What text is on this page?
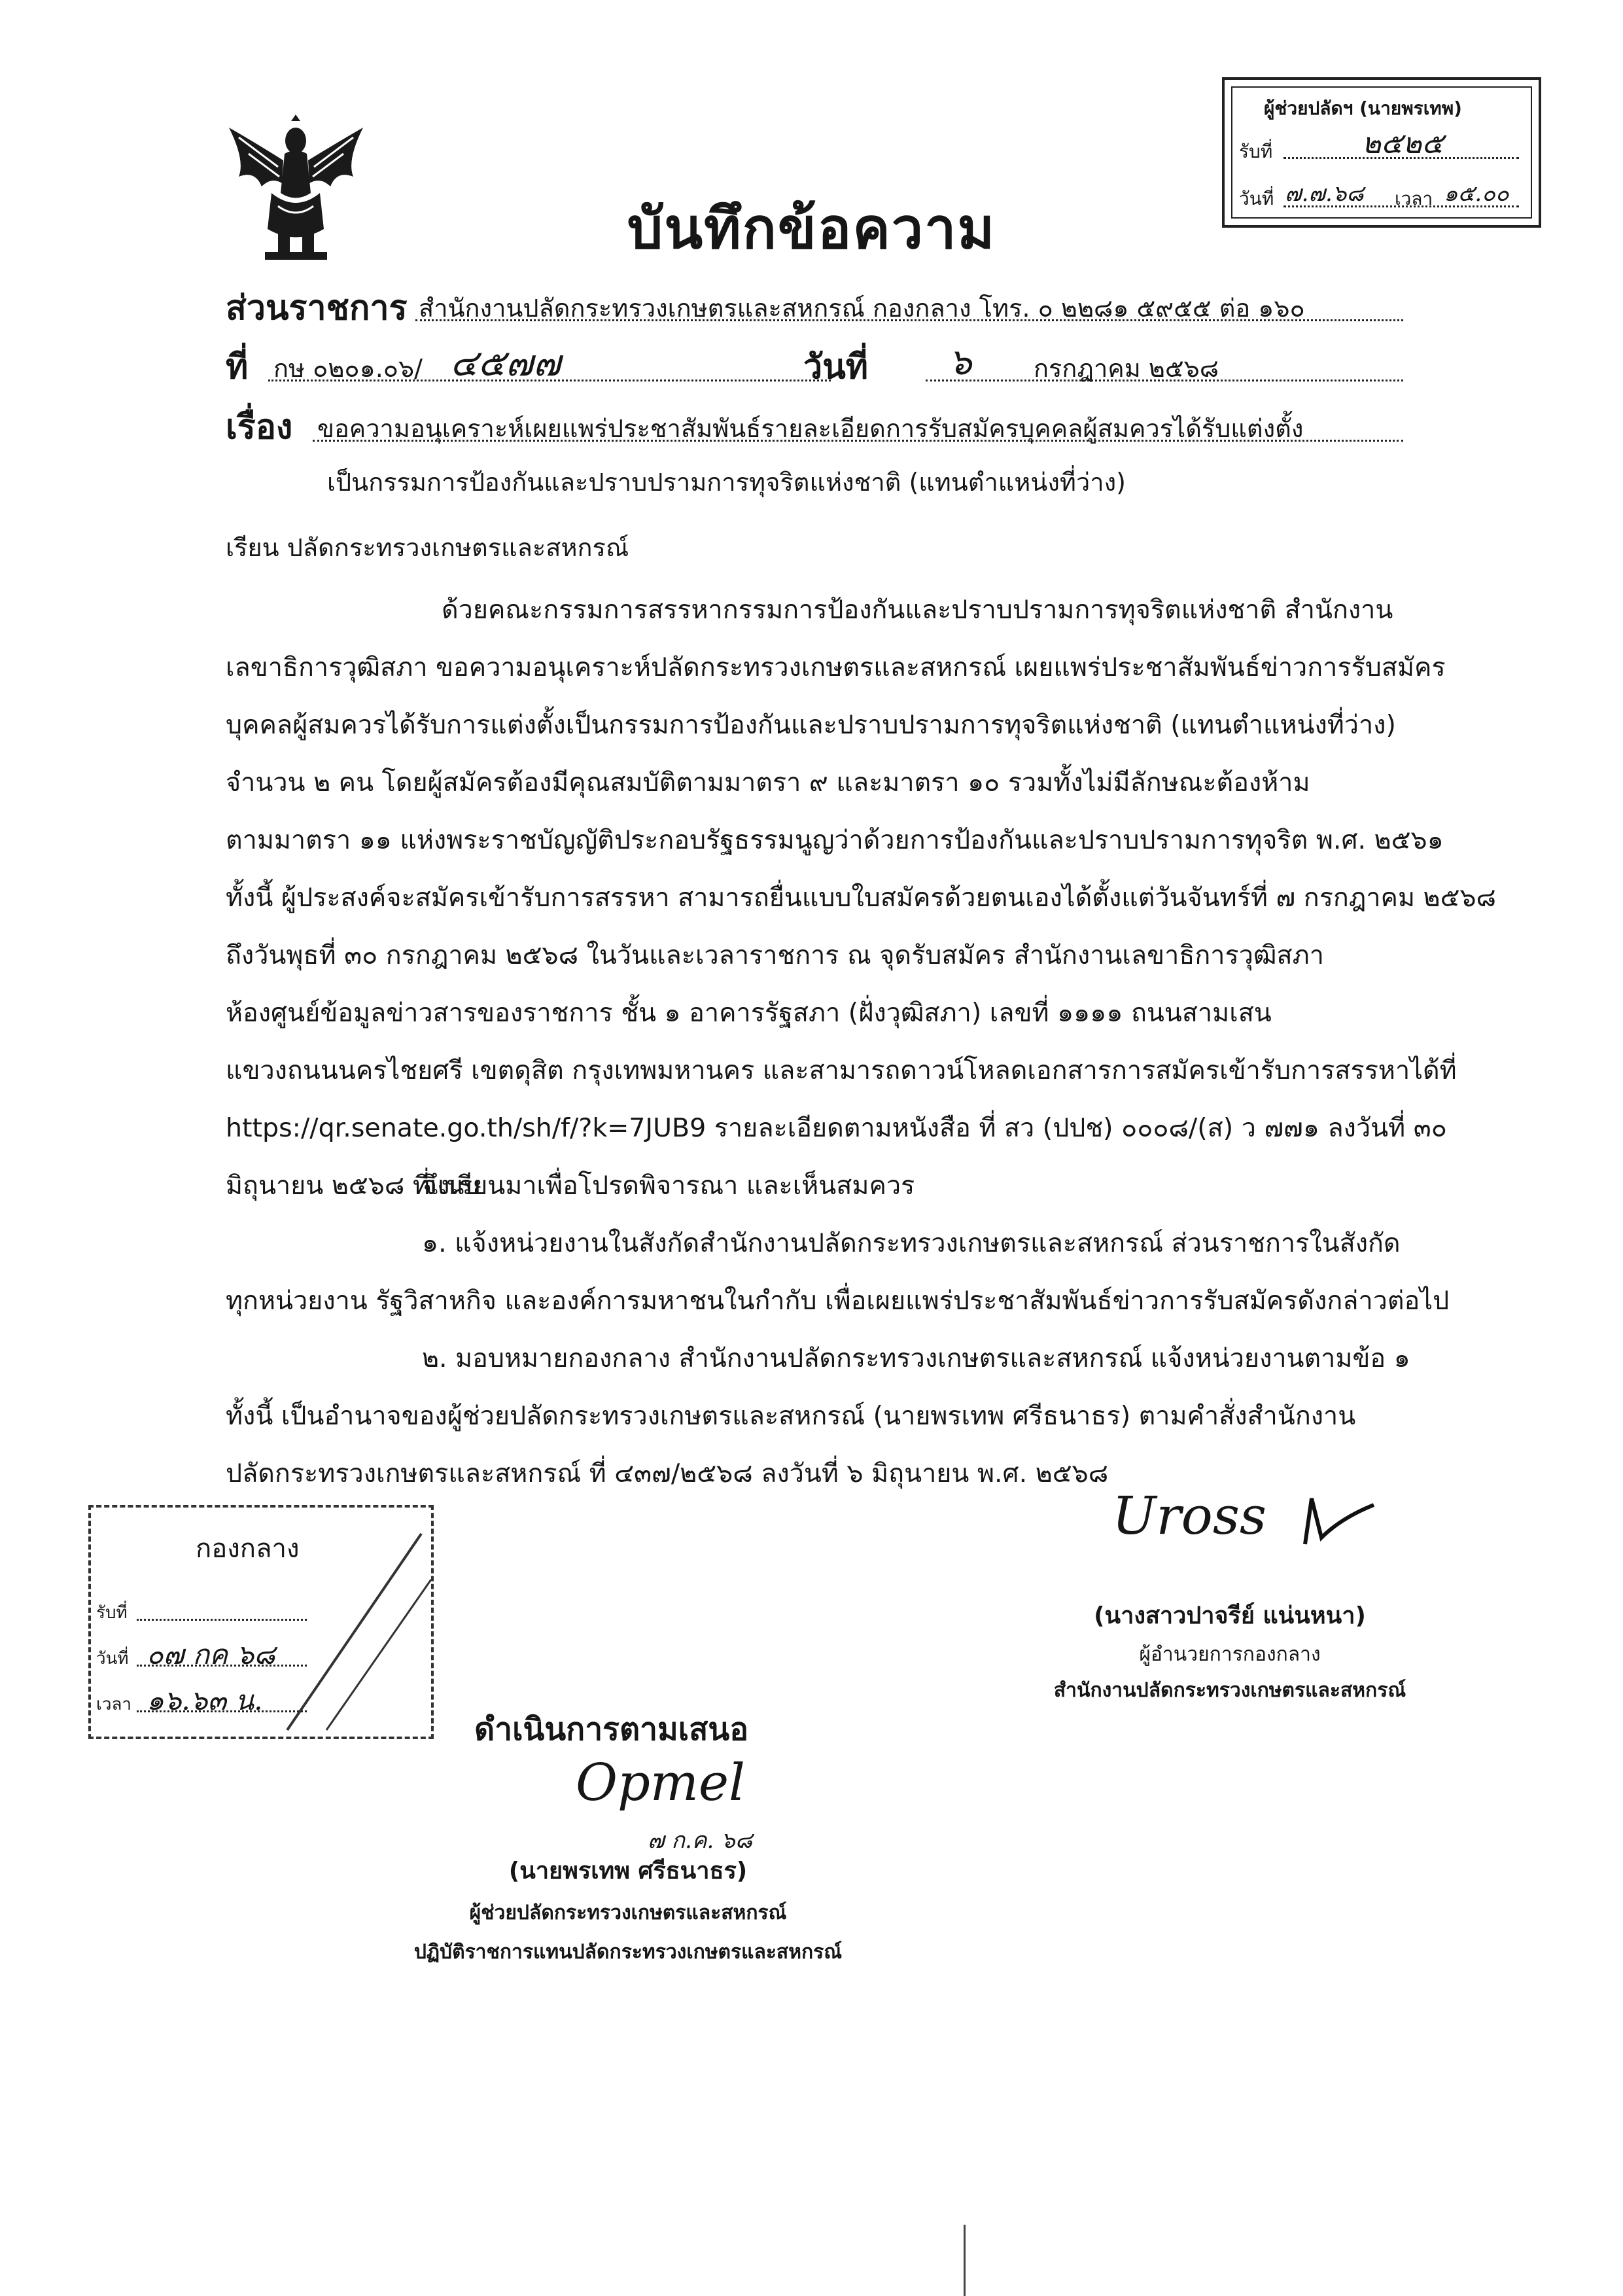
ผู้ช่วยปลัดฯ (นายพรเทพ)
รับที่	๒๕๒๕
วันที่ ๗.๗.๖๘ เวลา ๑๕.๐๐
บันทึกข้อความ
ส่วนราชการ สำนักงานปลัดกระทรวงเกษตรและสหกรณ์ กองกลาง โทร. ๐ ๒๒๘๑ ๕๙๕๕ ต่อ ๑๖๐
ที่ กษ ๐๒๐๑.๐๖/ ๔๕๗๗	วันที่ ๖ กรกฎาคม ๒๕๖๘
เรื่อง ขอความอนุเคราะห์เผยแพร่ประชาสัมพันธ์รายละเอียดการรับสมัครบุคคลผู้สมควรได้รับแต่งตั้ง
เป็นกรรมการป้องกันและปราบปรามการทุจริตแห่งชาติ (แทนตำแหน่งที่ว่าง)
เรียน ปลัดกระทรวงเกษตรและสหกรณ์
ด้วยคณะกรรมการสรรหากรรมการป้องกันและปราบปรามการทุจริตแห่งชาติ สำนักงาน
เลขาธิการวุฒิสภา ขอความอนุเคราะห์ปลัดกระทรวงเกษตรและสหกรณ์ เผยแพร่ประชาสัมพันธ์ข่าวการรับสมัคร
บุคคลผู้สมควรได้รับการแต่งตั้งเป็นกรรมการป้องกันและปราบปรามการทุจริตแห่งชาติ (แทนตำแหน่งที่ว่าง)
จำนวน ๒ คน โดยผู้สมัครต้องมีคุณสมบัติตามมาตรา ๙ และมาตรา ๑๐ รวมทั้งไม่มีลักษณะต้องห้าม
ตามมาตรา ๑๑ แห่งพระราชบัญญัติประกอบรัฐธรรมนูญว่าด้วยการป้องกันและปราบปรามการทุจริต พ.ศ. ๒๕๖๑
ทั้งนี้ ผู้ประสงค์จะสมัครเข้ารับการสรรหา สามารถยื่นแบบใบสมัครด้วยตนเองได้ตั้งแต่วันจันทร์ที่ ๗ กรกฎาคม ๒๕๖๘
ถึงวันพุธที่ ๓๐ กรกฎาคม ๒๕๖๘ ในวันและเวลาราชการ ณ จุดรับสมัคร สำนักงานเลขาธิการวุฒิสภา
ห้องศูนย์ข้อมูลข่าวสารของราชการ ชั้น ๑ อาคารรัฐสภา (ฝั่งวุฒิสภา) เลขที่ ๑๑๑๑ ถนนสามเสน
แขวงถนนนครไชยศรี เขตดุสิต กรุงเทพมหานคร และสามารถดาวน์โหลดเอกสารการสมัครเข้ารับการสรรหาได้ที่
https://qr.senate.go.th/sh/f/?k=7JUB9 รายละเอียดตามหนังสือ ที่ สว (ปปช) ๐๐๐๘/(ส) ว ๗๗๑ ลงวันที่ ๓๐
มิถุนายน ๒๕๖๘ ที่แนบ
จึงเรียนมาเพื่อโปรดพิจารณา และเห็นสมควร
๑. แจ้งหน่วยงานในสังกัดสำนักงานปลัดกระทรวงเกษตรและสหกรณ์ ส่วนราชการในสังกัด
ทุกหน่วยงาน รัฐวิสาหกิจ และองค์การมหาชนในกำกับ เพื่อเผยแพร่ประชาสัมพันธ์ข่าวการรับสมัครดังกล่าวต่อไป
๒. มอบหมายกองกลาง สำนักงานปลัดกระทรวงเกษตรและสหกรณ์ แจ้งหน่วยงานตามข้อ ๑
ทั้งนี้ เป็นอำนาจของผู้ช่วยปลัดกระทรวงเกษตรและสหกรณ์ (นายพรเทพ ศรีธนาธร) ตามคำสั่งสำนักงาน
ปลัดกระทรวงเกษตรและสหกรณ์ ที่ ๔๓๗/๒๕๖๘ ลงวันที่ ๖ มิถุนายน พ.ศ. ๒๕๖๘
กองกลาง
รับที่
วันที่ ๐๗ กค ๖๘
เวลา ๑๖.๖๓ น.
Uross
(นางสาวปาจรีย์ แน่นหนา)
ผู้อำนวยการกองกลาง
สำนักงานปลัดกระทรวงเกษตรและสหกรณ์
ดำเนินการตามเสนอ
Opmel
๗ ก.ค. ๖๘
(นายพรเทพ ศรีธนาธร)
ผู้ช่วยปลัดกระทรวงเกษตรและสหกรณ์
ปฏิบัติราชการแทนปลัดกระทรวงเกษตรและสหกรณ์
